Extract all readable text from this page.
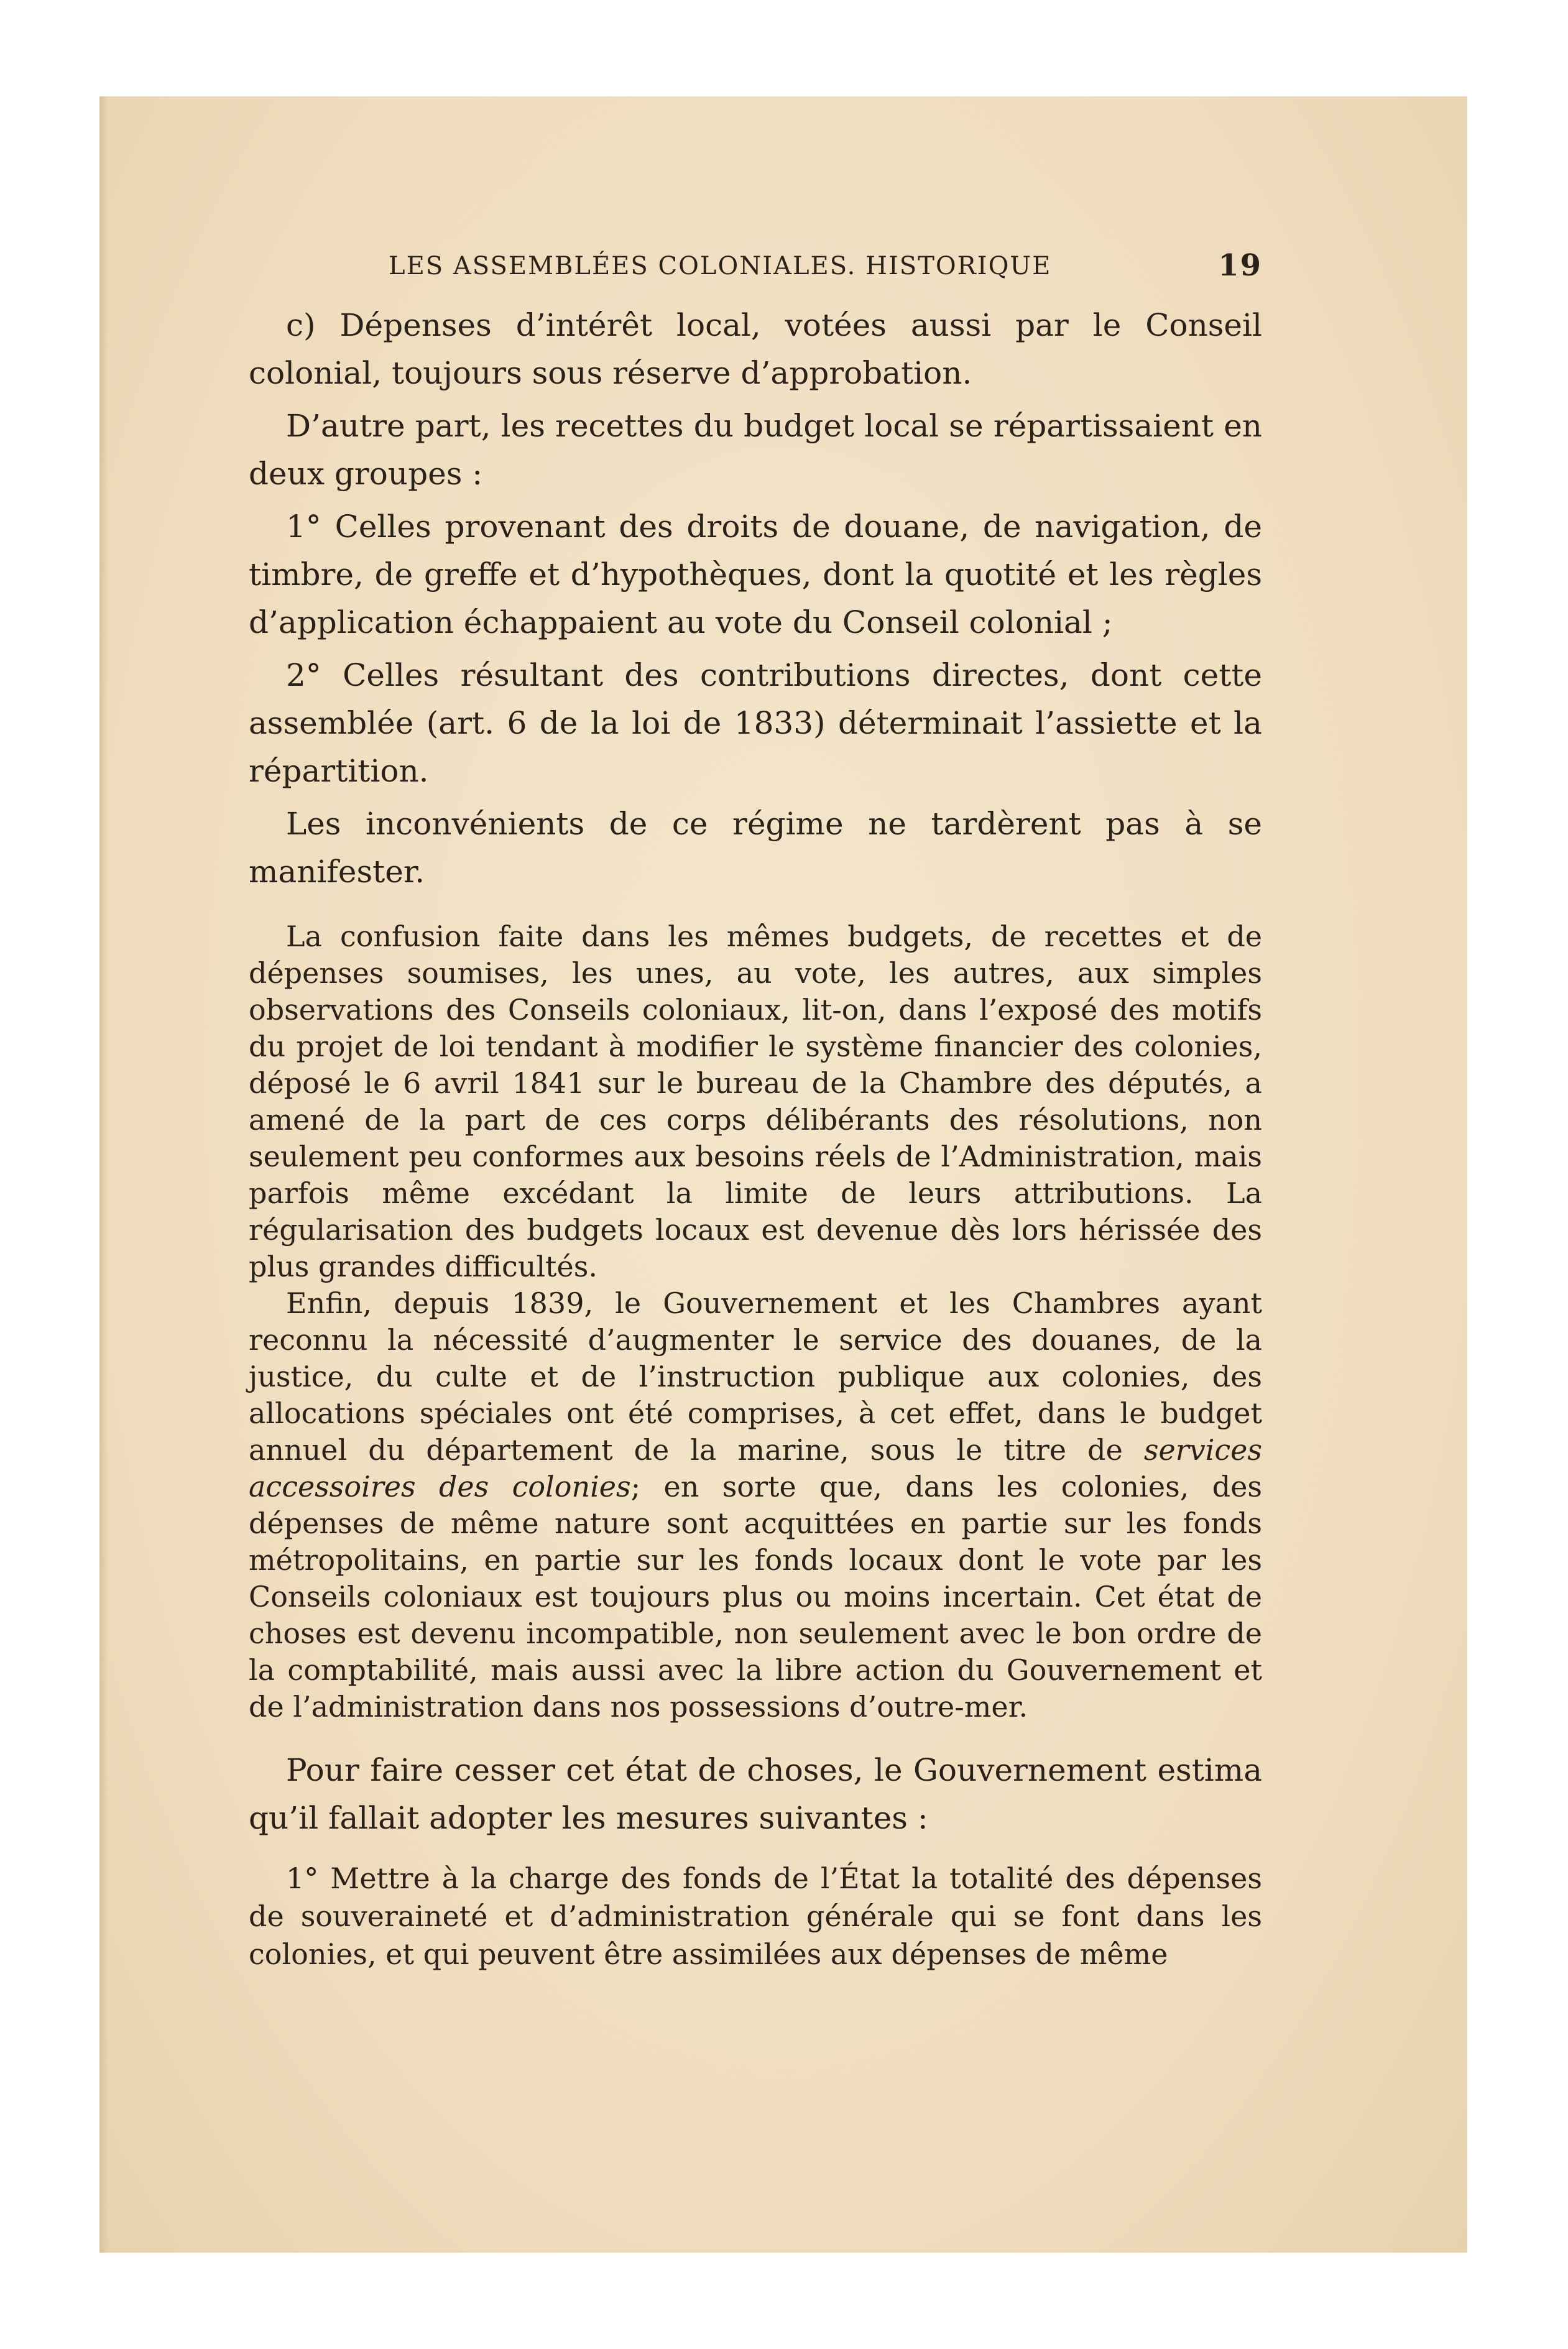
LES ASSEMBLÉES COLONIALES. HISTORIQUE	19

c) Dépenses d’intérêt local, votées aussi par le Conseil colonial, toujours sous réserve d’approbation.

D’autre part, les recettes du budget local se répartissaient en deux groupes :

1° Celles provenant des droits de douane, de navigation, de timbre, de greffe et d’hypothèques, dont la quotité et les règles d’application échappaient au vote du Conseil colonial ;

2° Celles résultant des contributions directes, dont cette assemblée (art. 6 de la loi de 1833) déterminait l’assiette et la répartition.

Les inconvénients de ce régime ne tardèrent pas à se manifester.

La confusion faite dans les mêmes budgets, de recettes et de dépenses soumises, les unes, au vote, les autres, aux simples observations des Conseils coloniaux, lit-on, dans l’exposé des motifs du projet de loi tendant à modifier le système financier des colonies, déposé le 6 avril 1841 sur le bureau de la Chambre des députés, a amené de la part de ces corps délibérants des résolutions, non seulement peu conformes aux besoins réels de l’Administration, mais parfois même excédant la limite de leurs attributions. La régularisation des budgets locaux est devenue dès lors hérissée des plus grandes difficultés.

Enfin, depuis 1839, le Gouvernement et les Chambres ayant reconnu la nécessité d’augmenter le service des douanes, de la justice, du culte et de l’instruction publique aux colonies, des allocations spéciales ont été comprises, à cet effet, dans le budget annuel du département de la marine, sous le titre de services accessoires des colonies; en sorte que, dans les colonies, des dépenses de même nature sont acquittées en partie sur les fonds métropolitains, en partie sur les fonds locaux dont le vote par les Conseils coloniaux est toujours plus ou moins incertain. Cet état de choses est devenu incompatible, non seulement avec le bon ordre de la comptabilité, mais aussi avec la libre action du Gouvernement et de l’administration dans nos possessions d’outre-mer.

Pour faire cesser cet état de choses, le Gouvernement estima qu’il fallait adopter les mesures suivantes :

1° Mettre à la charge des fonds de l’État la totalité des dépenses de souveraineté et d’administration générale qui se font dans les colonies, et qui peuvent être assimilées aux dépenses de même
